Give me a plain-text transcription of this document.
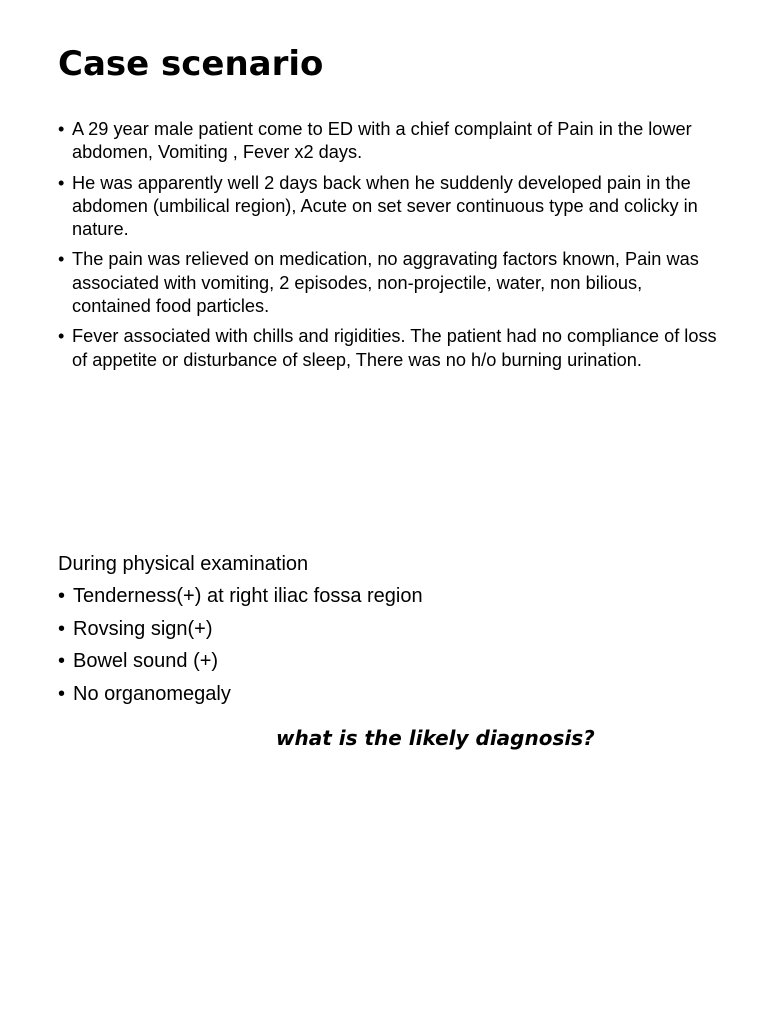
Case scenario
• A 29 year male patient come to ED with a chief complaint of Pain in the lower abdomen, Vomiting , Fever x2 days.
• He was apparently well 2 days back when he suddenly developed pain in the abdomen (umbilical region), Acute on set sever continuous type and colicky in nature.
• The pain was relieved on medication, no aggravating factors known, Pain was associated with vomiting, 2 episodes, non-projectile, water, non bilious, contained food particles.
• Fever associated with chills and rigidities. The patient had no compliance of loss of appetite or disturbance of sleep, There was no h/o burning urination.

During physical examination

• Tenderness(+) at right iliac fossa region
• Rovsing sign(+)
• Bowel sound (+)
• No organomegaly

what is the likely diagnosis?
